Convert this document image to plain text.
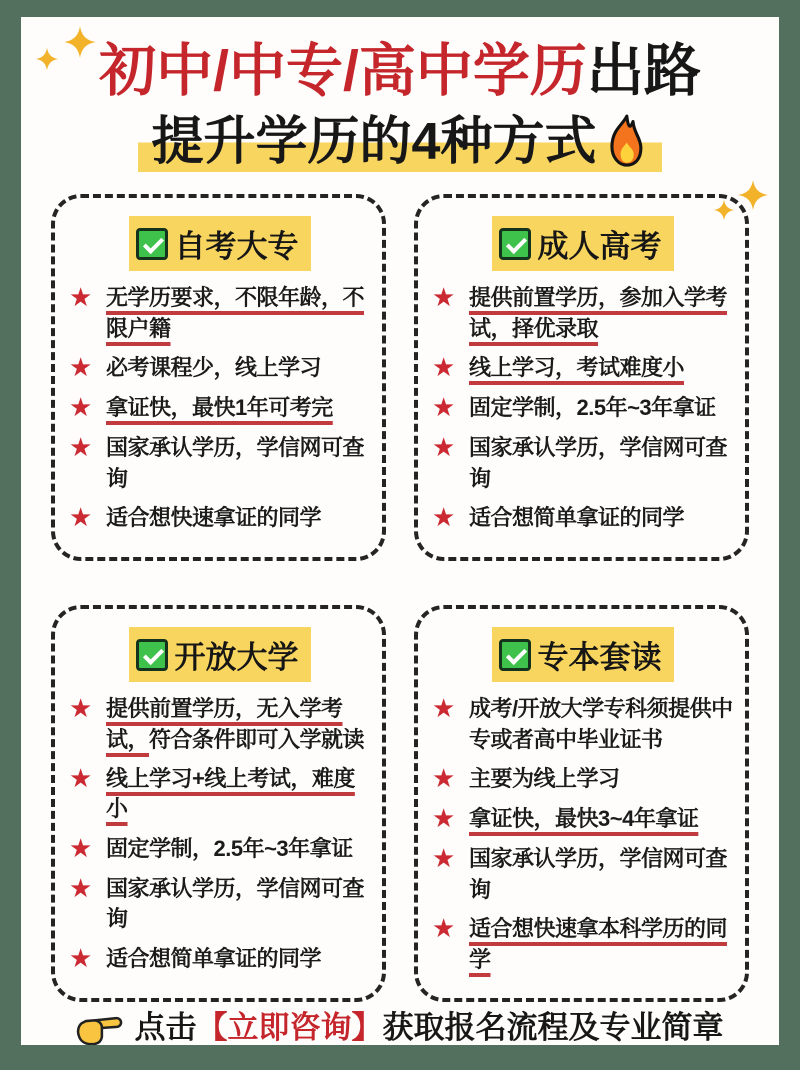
初中/中专/高中学历出路
提升学历的4种方式
自考大专
★ 无学历要求，不限年龄，不限户籍
★ 必考课程少，线上学习
★ 拿证快，最快1年可考完
★ 国家承认学历，学信网可查询
★ 适合想快速拿证的同学
成人高考
★ 提供前置学历，参加入学考试，择优录取
★ 线上学习，考试难度小
★ 固定学制，2.5年~3年拿证
★ 国家承认学历，学信网可查询
★ 适合想简单拿证的同学
开放大学
★ 提供前置学历，无入学考试，符合条件即可入学就读
★ 线上学习+线上考试，难度小
★ 固定学制，2.5年~3年拿证
★ 国家承认学历，学信网可查询
★ 适合想简单拿证的同学
专本套读
★ 成考/开放大学专科须提供中专或者高中毕业证书
★ 主要为线上学习
★ 拿证快，最快3~4年拿证
★ 国家承认学历，学信网可查询
★ 适合想快速拿本科学历的同学
点击【立即咨询】获取报名流程及专业简章
